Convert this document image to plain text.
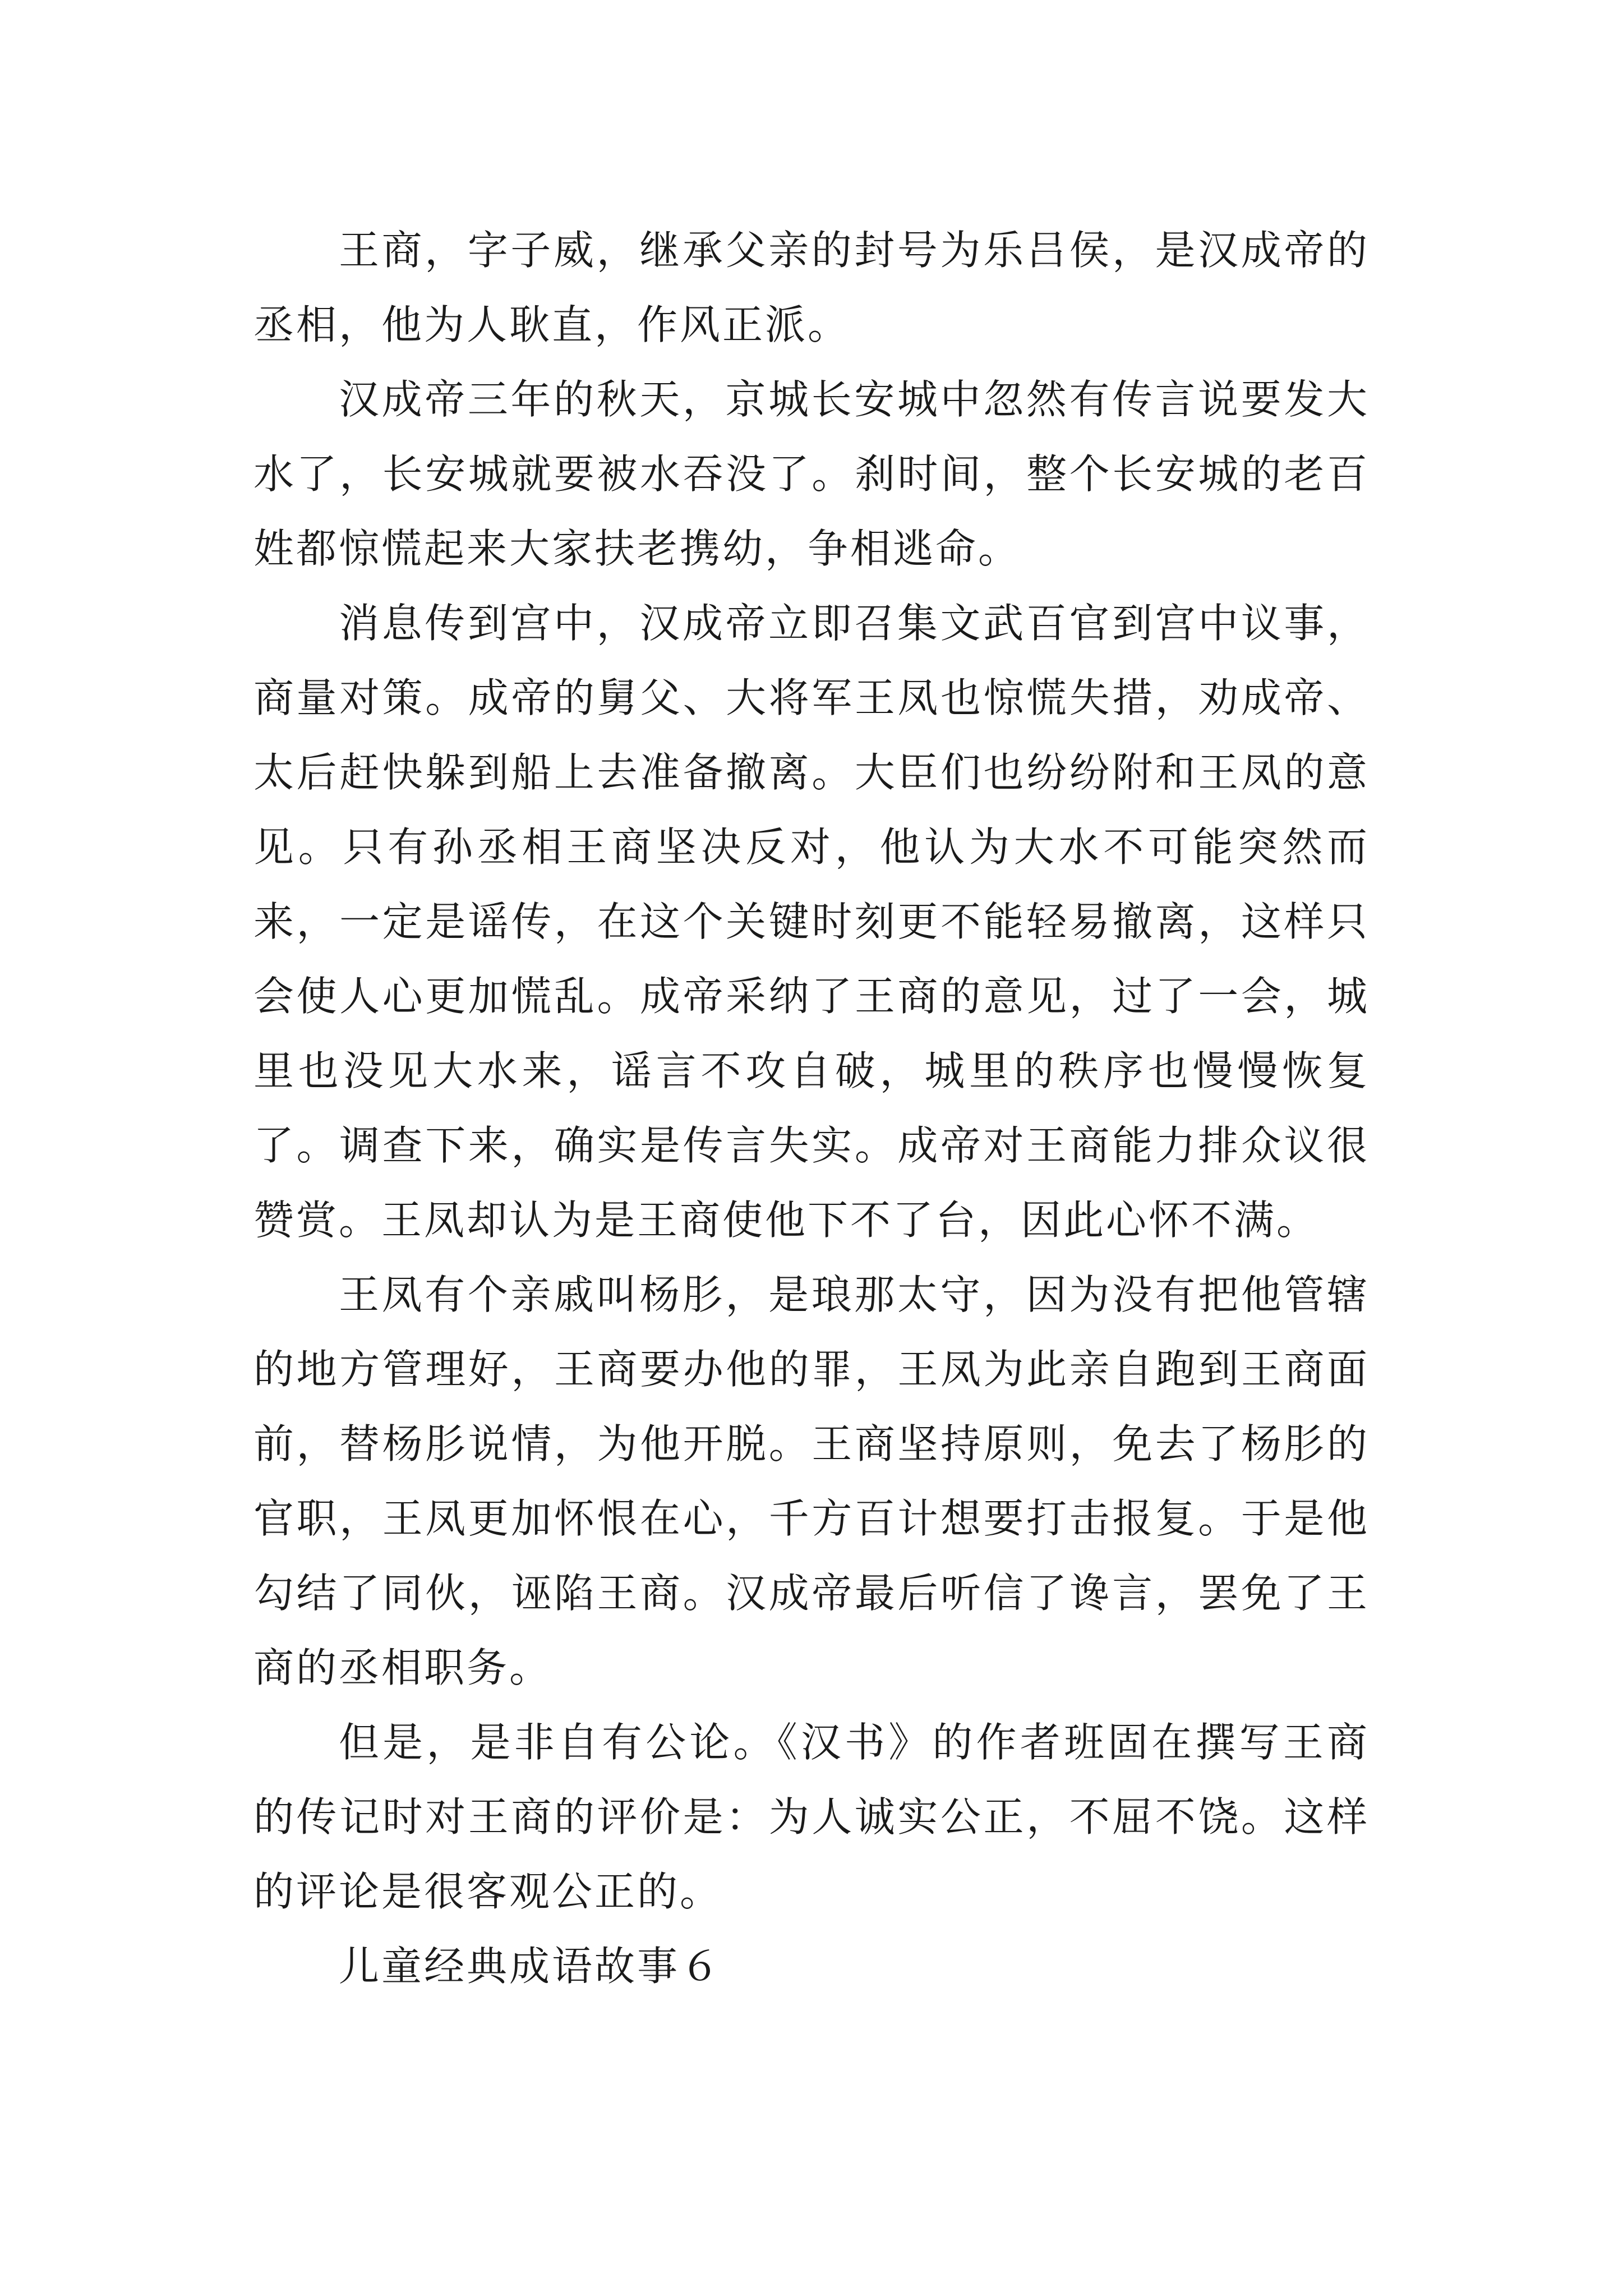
王商，字子威，继承父亲的封号为乐吕侯，是汉成帝的丞相，他为人耿直，作风正派。

汉成帝三年的秋天，京城长安城中忽然有传言说要发大水了，长安城就要被水吞没了。刹时间，整个长安城的老百姓都惊慌起来大家扶老携幼，争相逃命。

消息传到宫中，汉成帝立即召集文武百官到宫中议事，商量对策。成帝的舅父、大将军王凤也惊慌失措，劝成帝、太后赶快躲到船上去准备撤离。大臣们也纷纷附和王凤的意见。只有孙丞相王商坚决反对，他认为大水不可能突然而来，一定是谣传，在这个关键时刻更不能轻易撤离，这样只会使人心更加慌乱。成帝采纳了王商的意见，过了一会，城里也没见大水来，谣言不攻自破，城里的秩序也慢慢恢复了。调查下来，确实是传言失实。成帝对王商能力排众议很赞赏。王凤却认为是王商使他下不了台，因此心怀不满。

王凤有个亲戚叫杨肜，是琅那太守，因为没有把他管辖的地方管理好，王商要办他的罪，王凤为此亲自跑到王商面前，替杨肜说情，为他开脱。王商坚持原则，免去了杨肜的官职，王凤更加怀恨在心，千方百计想要打击报复。于是他勾结了同伙，诬陷王商。汉成帝最后听信了谗言，罢免了王商的丞相职务。

但是，是非自有公论。《汉书》的作者班固在撰写王商的传记时对王商的评价是：为人诚实公正，不屈不饶。这样的评论是很客观公正的。

儿童经典成语故事６
